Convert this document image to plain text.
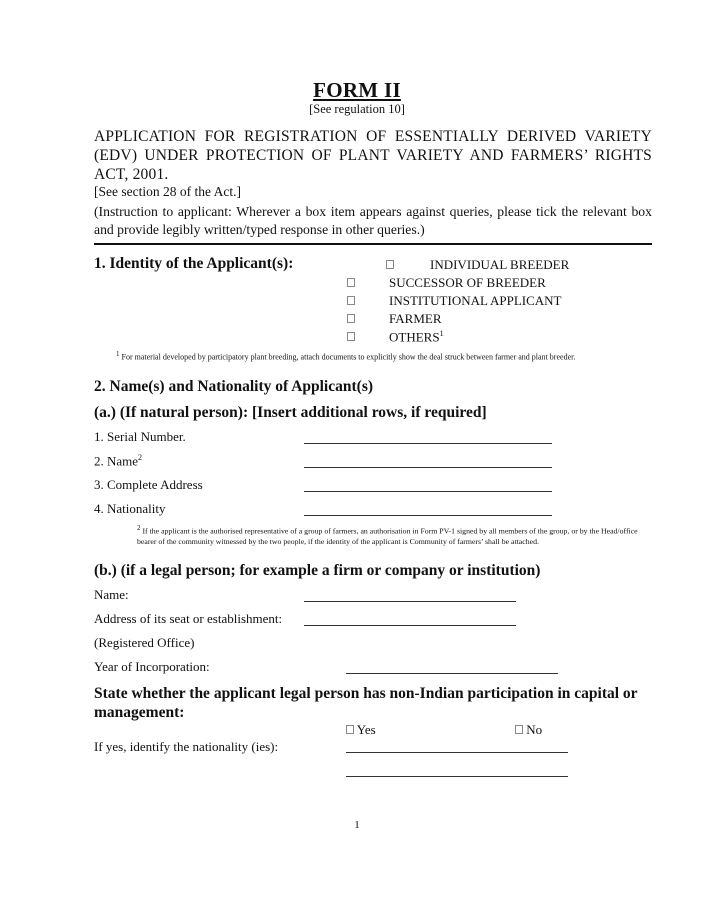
FORM II
[See regulation 10]
APPLICATION FOR REGISTRATION OF ESSENTIALLY DERIVED VARIETY (EDV) UNDER PROTECTION OF PLANT VARIETY AND FARMERS’ RIGHTS ACT, 2001.
[See section 28 of the Act.]
(Instruction to applicant: Wherever a box item appears against queries, please tick the relevant box and provide legibly written/typed response in other queries.)
1. Identity of the Applicant(s):	INDIVIDUAL BREEDER
SUCCESSOR OF BREEDER
INSTITUTIONAL APPLICANT
FARMER
OTHERS$^1$
$^1$ For material developed by participatory plant breeding, attach documents to explicitly show the deal struck between farmer and plant breeder.
2. Name(s) and Nationality of Applicant(s)
(a.) (If natural person): [Insert additional rows, if required]
1. Serial Number.
2. Name$^2$
3. Complete Address
4. Nationality
$^2$ If the applicant is the authorised representative of a group of farmers, an authorisation in Form PV-1 signed by all members of the group, or by the Head/office bearer of the community witnessed by the two people, if the identity of the applicant is Community of farmers’ shall be attached.
(b.) (if a legal person; for example a firm or company or institution)
Name:
Address of its seat or establishment:
(Registered Office)
Year of Incorporation:
State whether the applicant legal person has non-Indian participation in capital or management:
Yes	No
If yes, identify the nationality (ies):
1
